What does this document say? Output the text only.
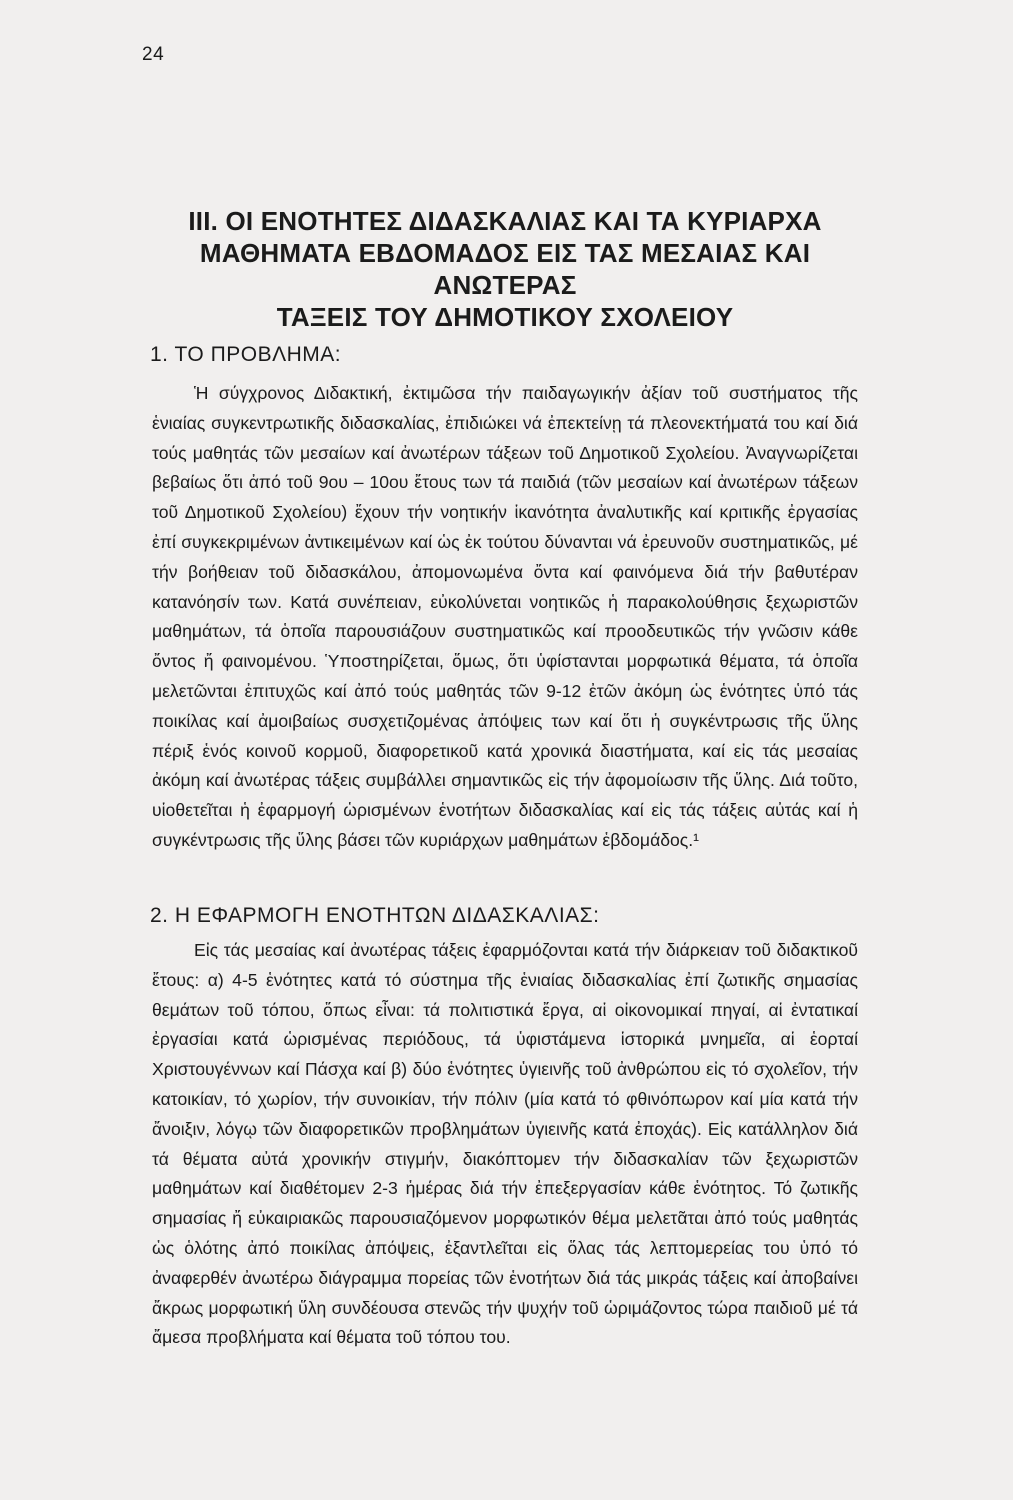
24
III. ΟΙ ΕΝΟΤΗΤΕΣ ΔΙΔΑΣΚΑΛΙΑΣ ΚΑΙ ΤΑ ΚΥΡΙΑΡΧΑ
ΜΑΘΗΜΑΤΑ ΕΒΔΟΜΑΔΟΣ ΕΙΣ ΤΑΣ ΜΕΣΑΙΑΣ ΚΑΙ ΑΝΩΤΕΡΑΣ
ΤΑΞΕΙΣ ΤΟΥ ΔΗΜΟΤΙΚΟΥ ΣΧΟΛΕΙΟΥ
1. ΤΟ ΠΡΟΒΛΗΜΑ:

Ἡ σύγχρονος Διδακτική, ἐκτιμῶσα τήν παιδαγωγικήν ἀξίαν τοῦ συστήματος τῆς ἑνιαίας συγκεντρωτικῆς διδασκαλίας, ἐπιδιώκει νά ἐπεκτείνῃ τά πλεονεκτήματά του καί διά τούς μαθητάς τῶν μεσαίων καί ἀνωτέρων τάξεων τοῦ Δημοτικοῦ Σχολείου. Ἀναγνωρίζεται βεβαίως ὅτι ἀπό τοῦ 9ου – 10ου ἔτους των τά παιδιά (τῶν μεσαίων καί ἀνωτέρων τάξεων τοῦ Δημοτικοῦ Σχολείου) ἔχουν τήν νοητικήν ἱκανότητα ἀναλυτικῆς καί κριτικῆς ἐργασίας ἐπί συγκεκριμένων ἀντικειμένων καί ὡς ἐκ τούτου δύνανται νά ἐρευνοῦν συστηματικῶς, μέ τήν βοήθειαν τοῦ διδασκάλου, ἀπομονωμένα ὄντα καί φαινόμενα διά τήν βαθυτέραν κατανόησίν των. Κατά συνέπειαν, εὐκολύνεται νοητικῶς ἡ παρακολούθησις ξεχωριστῶν μαθημάτων, τά ὁποῖα παρουσιάζουν συστηματικῶς καί προοδευτικῶς τήν γνῶσιν κάθε ὄντος ἤ φαινομένου. Ὑποστηρίζεται, ὅμως, ὅτι ὑφίστανται μορφωτικά θέματα, τά ὁποῖα μελετῶνται ἐπιτυχῶς καί ἀπό τούς μαθητάς τῶν 9-12 ἐτῶν ἀκόμη ὡς ἑνότητες ὑπό τάς ποικίλας καί ἀμοιβαίως συσχετιζομένας ἀπόψεις των καί ὅτι ἡ συγκέντρωσις τῆς ὕλης πέριξ ἑνός κοινοῦ κορμοῦ, διαφορετικοῦ κατά χρονικά διαστήματα, καί εἰς τάς μεσαίας ἀκόμη καί ἀνωτέρας τάξεις συμβάλλει σημαντικῶς εἰς τήν ἀφομοίωσιν τῆς ὕλης. Διά τοῦτο, υἱοθετεῖται ἡ ἐφαρμογή ὡρισμένων ἑνοτήτων διδασκαλίας καί εἰς τάς τάξεις αὐτάς καί ἡ συγκέντρωσις τῆς ὕλης βάσει τῶν κυριάρχων μαθημάτων ἑβδομάδος.¹

2. Η ΕΦΑΡΜΟΓΗ ΕΝΟΤΗΤΩΝ ΔΙΔΑΣΚΑΛΙΑΣ:

Εἰς τάς μεσαίας καί ἀνωτέρας τάξεις ἐφαρμόζονται κατά τήν διάρκειαν τοῦ διδακτικοῦ ἔτους: α) 4-5 ἑνότητες κατά τό σύστημα τῆς ἑνιαίας διδασκαλίας ἐπί ζωτικῆς σημασίας θεμάτων τοῦ τόπου, ὅπως εἶναι: τά πολιτιστικά ἔργα, αἱ οἰκονομικαί πηγαί, αἱ ἐντατικαί ἐργασίαι κατά ὡρισμένας περιόδους, τά ὑφιστάμενα ἱστορικά μνημεῖα, αἱ ἑορταί Χριστουγέννων καί Πάσχα καί β) δύο ἑνότητες ὑγιεινῆς τοῦ ἀνθρώπου εἰς τό σχολεῖον, τήν κατοικίαν, τό χωρίον, τήν συνοικίαν, τήν πόλιν (μία κατά τό φθινόπωρον καί μία κατά τήν ἄνοιξιν, λόγῳ τῶν διαφορετικῶν προβλημάτων ὑγιεινῆς κατά ἐποχάς). Εἰς κατάλληλον διά τά θέματα αὐτά χρονικήν στιγμήν, διακόπτομεν τήν διδασκαλίαν τῶν ξεχωριστῶν μαθημάτων καί διαθέτομεν 2-3 ἡμέρας διά τήν ἐπεξεργασίαν κάθε ἑνότητος. Τό ζωτικῆς σημασίας ἤ εὐκαιριακῶς παρουσιαζόμενον μορφωτικόν θέμα μελετᾶται ἀπό τούς μαθητάς ὡς ὁλότης ἀπό ποικίλας ἀπόψεις, ἐξαντλεῖται εἰς ὅλας τάς λεπτομερείας του ὑπό τό ἀναφερθέν ἀνωτέρω διάγραμμα πορείας τῶν ἑνοτήτων διά τάς μικράς τάξεις καί ἀποβαίνει ἄκρως μορφωτική ὕλη συνδέουσα στενῶς τήν ψυχήν τοῦ ὡριμάζοντος τώρα παιδιοῦ μέ τά ἄμεσα προβλήματα καί θέματα τοῦ τόπου του.
